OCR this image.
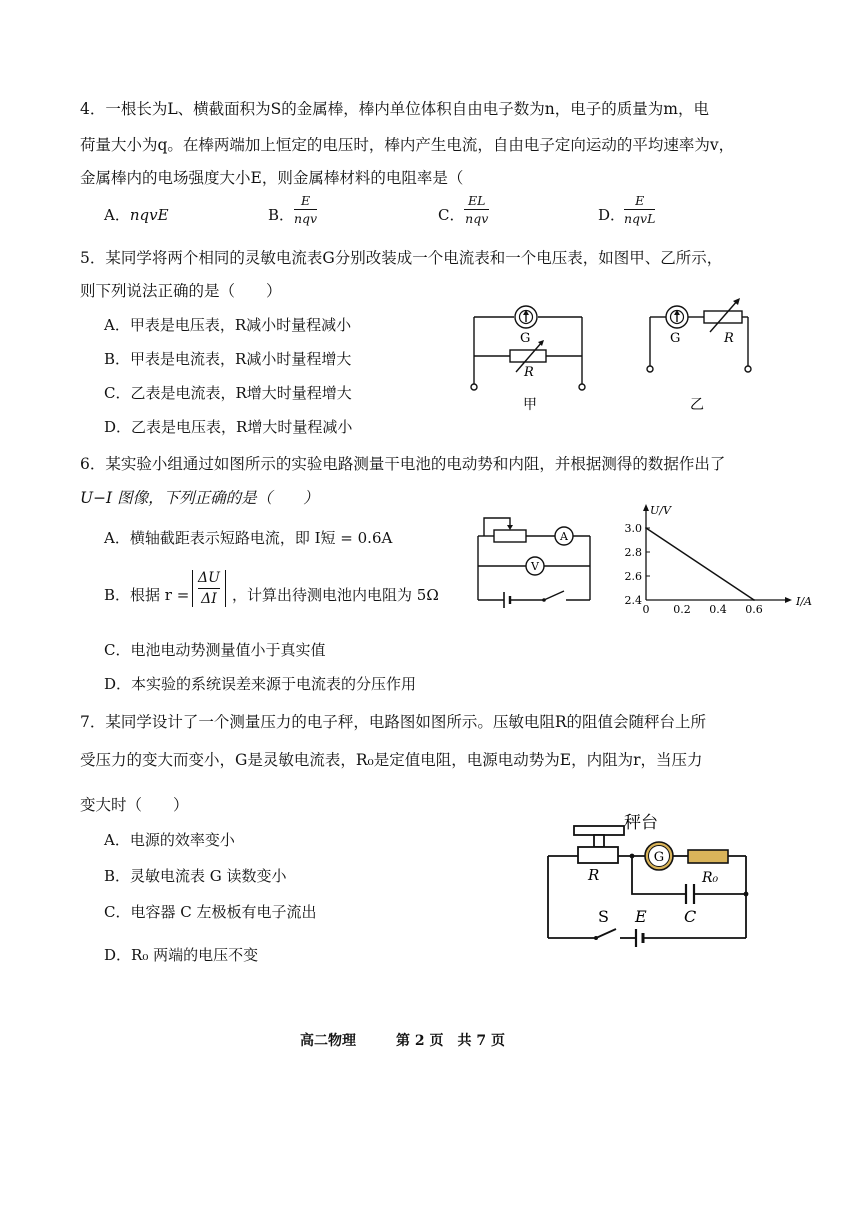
4．一根长为L、横截面积为S的金属棒，棒内单位体积自由电子数为n，电子的质量为m，电
荷量大小为q。在棒两端加上恒定的电压时，棒内产生电流，自由电子定向运动的平均速率为v，
金属棒内的电场强度大小E，则金属棒材料的电阻率是（
A．nqvE	B．
E
nqv	C．
EL
nqv	D．
E
nqvL
5．某同学将两个相同的灵敏电流表G分别改装成一个电流表和一个电压表，如图甲、乙所示，
则下列说法正确的是（　　）
A．甲表是电压表，R减小时量程减小
B．甲表是电流表，R减小时量程增大
C．乙表是电流表，R增大时量程增大
D．乙表是电压表，R增大时量程减小
G
R
甲
G	R
乙
6．某实验小组通过如图所示的实验电路测量干电池的电动势和内阻，并根据测得的数据作出了
U−I 图像，下列正确的是（　　）
A．横轴截距表示短路电流，即 I短 = 0.6A
B．根据 $r = \frac{\Delta U}{\Delta I}$ ，计算出待测电池内电阻为 5Ω
C．电池电动势测量值小于真实值
D．本实验的系统误差来源于电流表的分压作用
A
V
2.4
2.6
2.8
3.0
0 0.2 0.4 0.6
U/V
I/A
7．某同学设计了一个测量压力的电子秤，电路图如图所示。压敏电阻R的阻值会随秤台上所
受压力的变大而变小，G是灵敏电流表，R₀是定值电阻，电源电动势为E，内阻为r，当压力
变大时（　　）
A．电源的效率变小
B．灵敏电流表 G 读数变小
C．电容器 C 左极板有电子流出
D．R₀ 两端的电压不变
G
秤台
R	R₀
C
S E
高二物理	第 2 页　共 7 页
